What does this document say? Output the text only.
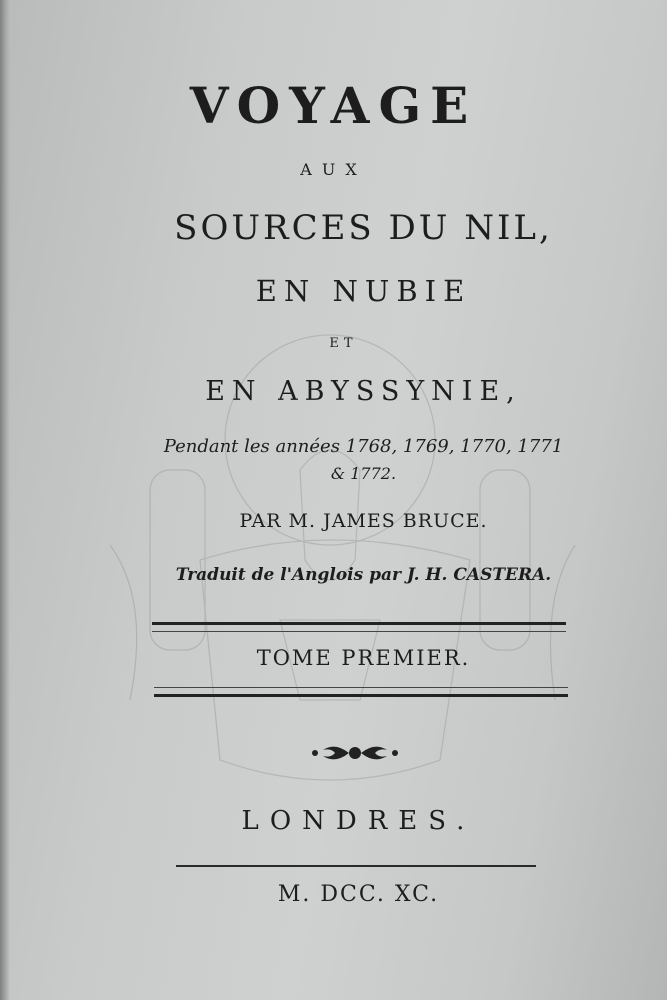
VOYAGE
AUX
SOURCES DU NIL,
EN NUBIE
ET
EN ABYSSYNIE,
Pendant les années 1768, 1769, 1770, 1771
& 1772.
PAR M. JAMES BRUCE.
Traduit de l'Anglois par J. H. CASTERA.
TOME PREMIER.
LONDRES.
M. DCC. XC.
